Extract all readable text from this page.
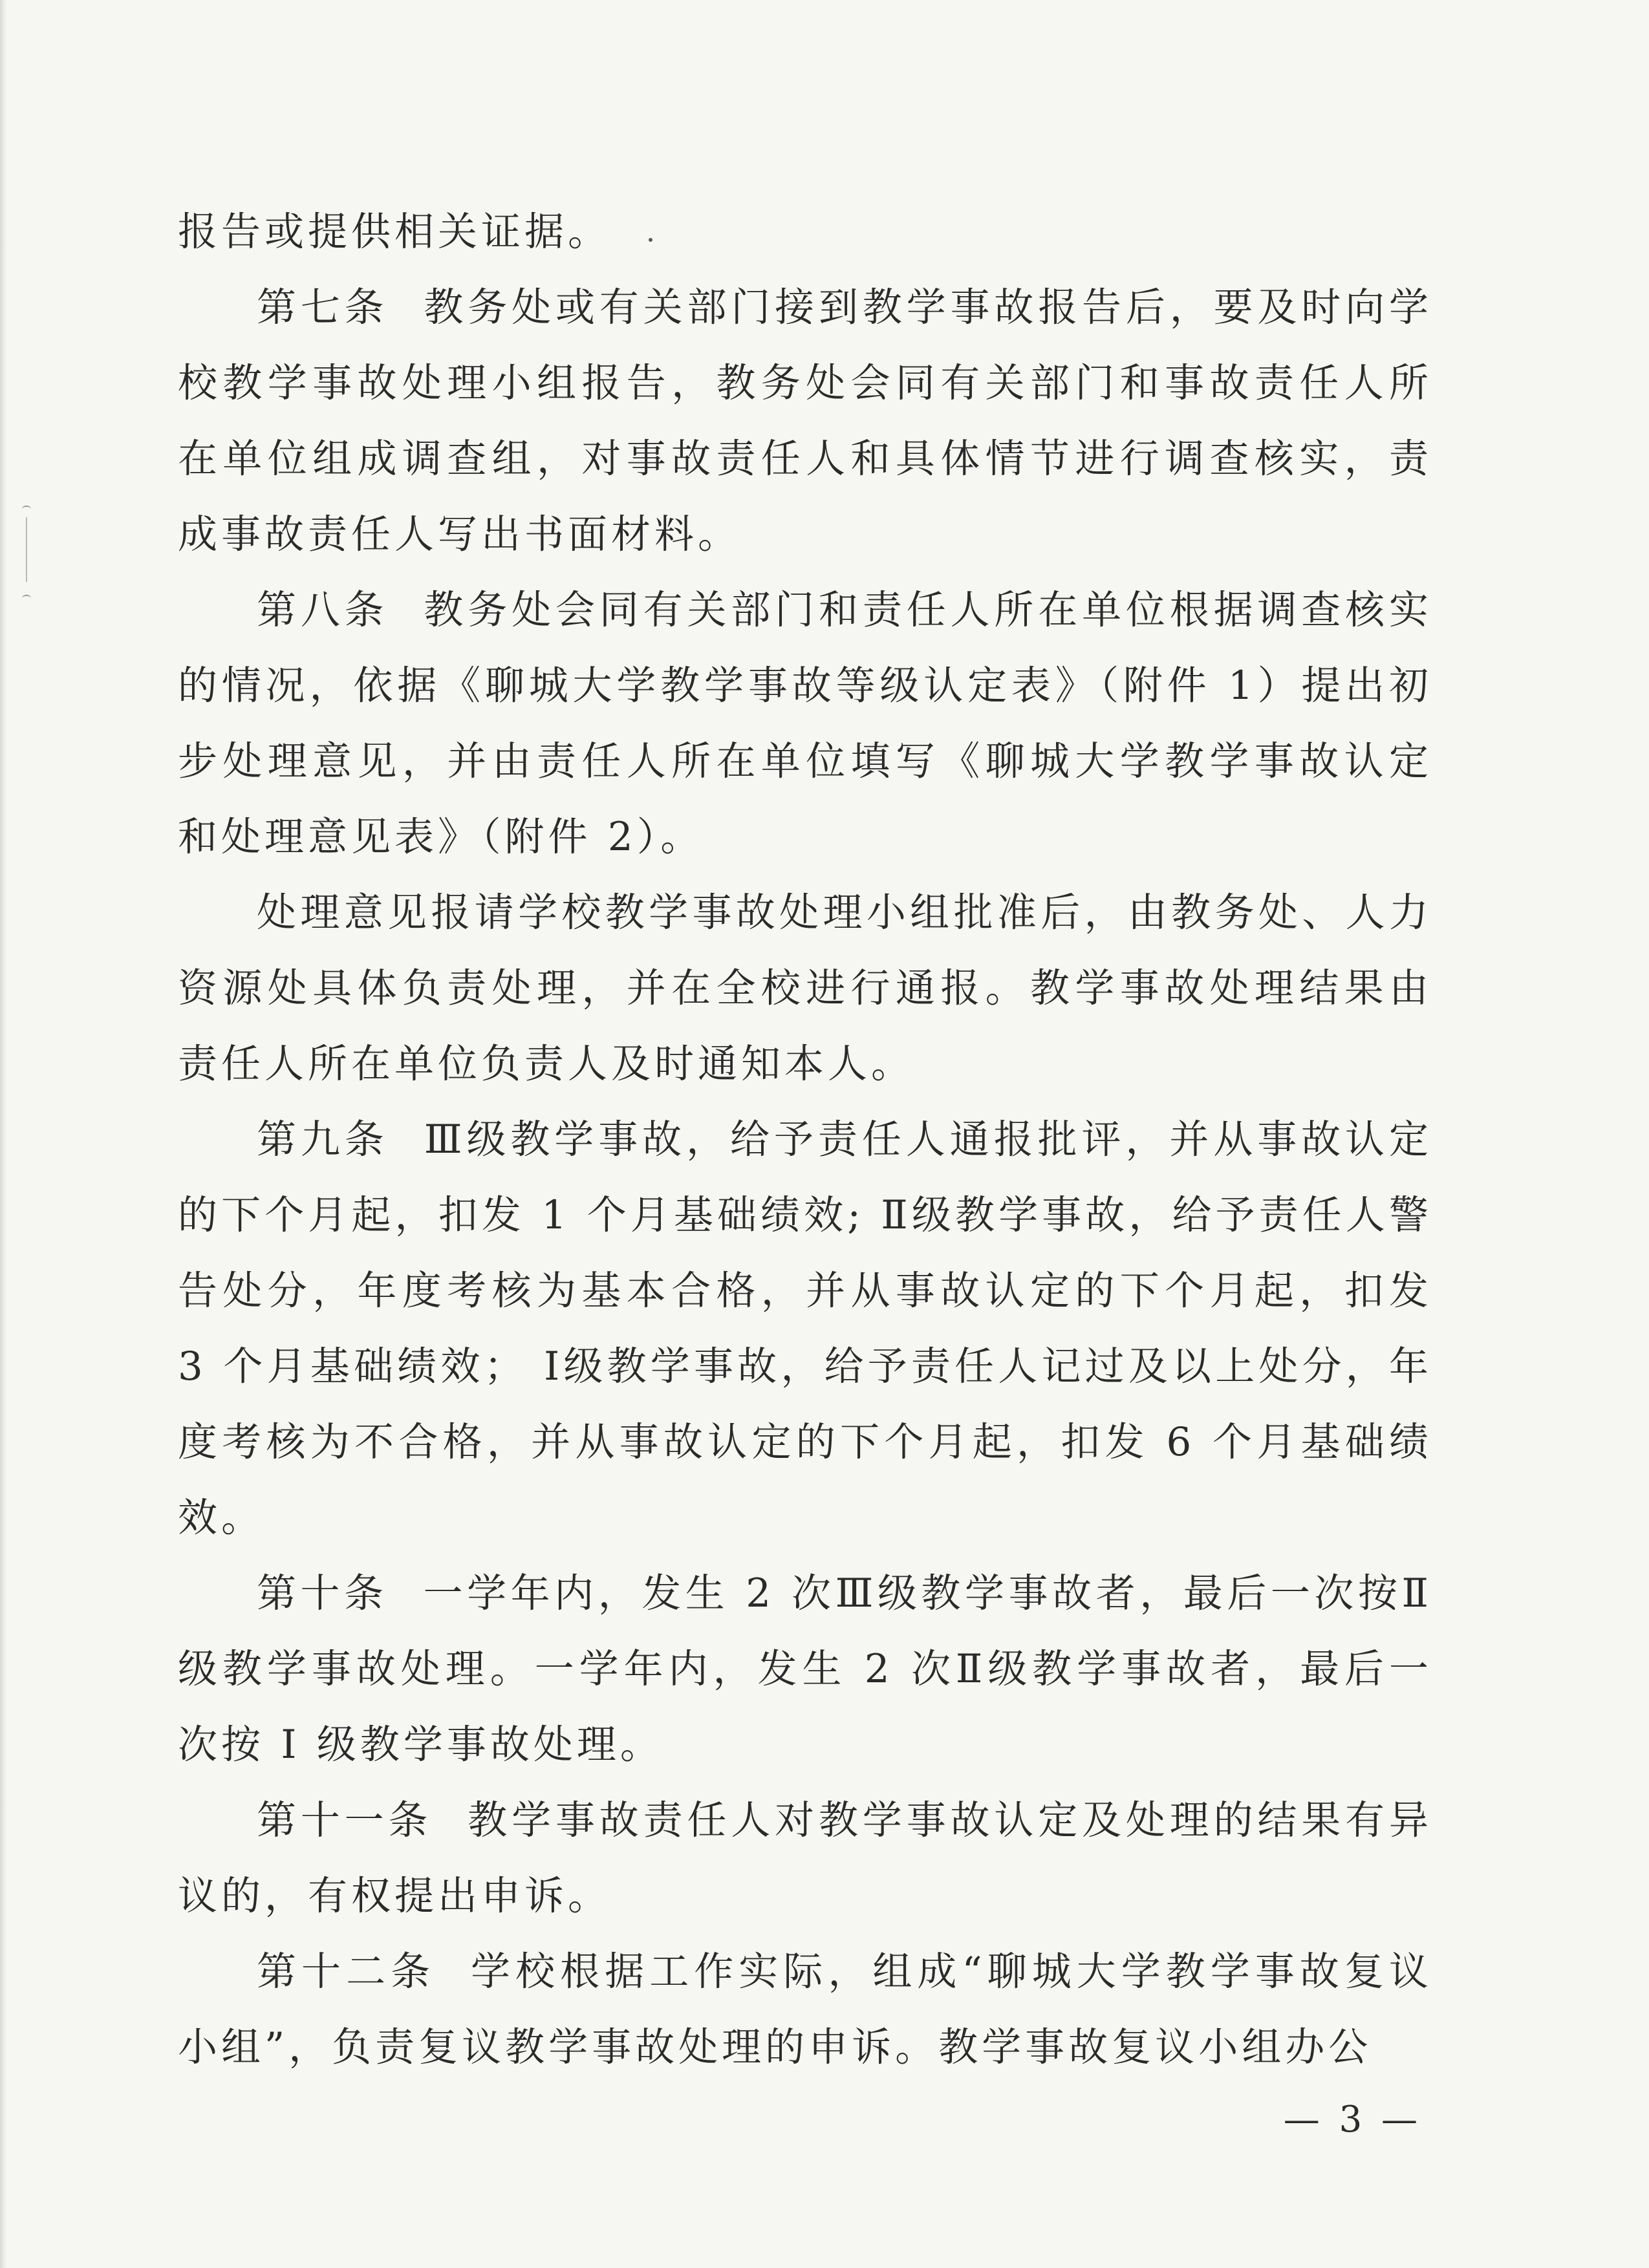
报告或提供相关证据。

第七条 教务处或有关部门接到教学事故报告后，要及时向学校教学事故处理小组报告，教务处会同有关部门和事故责任人所在单位组成调查组，对事故责任人和具体情节进行调查核实，责成事故责任人写出书面材料。

第八条 教务处会同有关部门和责任人所在单位根据调查核实的情况，依据《聊城大学教学事故等级认定表》（附件 1）提出初步处理意见，并由责任人所在单位填写《聊城大学教学事故认定和处理意见表》（附件 2）。

处理意见报请学校教学事故处理小组批准后，由教务处、人力资源处具体负责处理，并在全校进行通报。教学事故处理结果由责任人所在单位负责人及时通知本人。

第九条 Ⅲ级教学事故，给予责任人通报批评，并从事故认定的下个月起，扣发 1 个月基础绩效; Ⅱ级教学事故，给予责任人警告处分，年度考核为基本合格，并从事故认定的下个月起，扣发 3 个月基础绩效； Ⅰ级教学事故，给予责任人记过及以上处分，年度考核为不合格，并从事故认定的下个月起，扣发 6 个月基础绩效。

第十条 一学年内，发生 2 次Ⅲ级教学事故者，最后一次按Ⅱ级教学事故处理。一学年内，发生 2 次Ⅱ级教学事故者，最后一次按 Ⅰ 级教学事故处理。

第十一条 教学事故责任人对教学事故认定及处理的结果有异议的，有权提出申诉。

第十二条 学校根据工作实际，组成“聊城大学教学事故复议小组”，负责复议教学事故处理的申诉。教学事故复议小组办公

— 3 —
